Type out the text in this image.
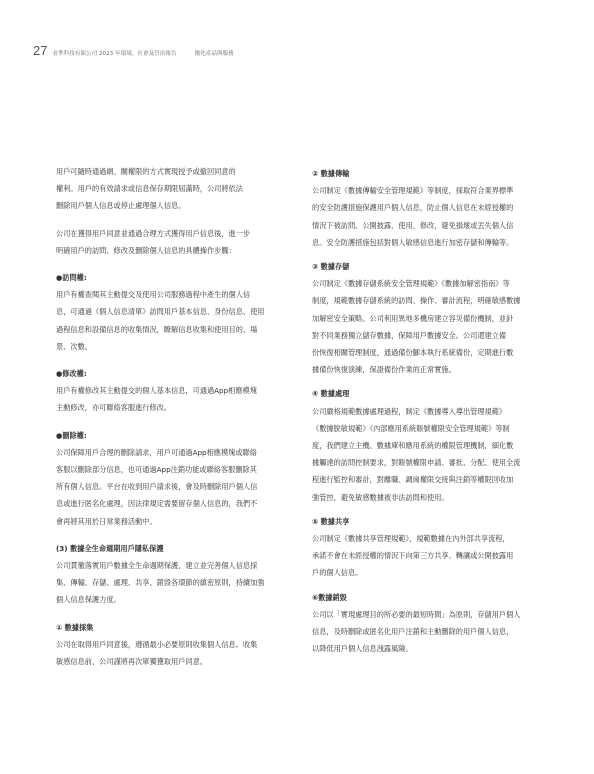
27 看準科技有限公司 2023 年環境、社會及管治報告	優化產品與服務
用戶可隨時通過網、關權限的方式實現授予或撤回同意的
權利。用戶的有效請求或信息保存期限屆滿時，公司將依法
刪除用戶個人信息或停止處理個人信息。
公司在獲得用戶同意並通過合理方式獲得用戶信息後，進一步
明確用戶的訪問、修改及刪除個人信息的具體操作步驟：

●訪問權:

用戶有權查閱其主動提交及使用公司服務過程中產生的個人信
息，可通過《個人信息清單》訪問用戶基本信息、身份信息、使用
過程信息和設備信息的收集情況，瞭解信息收集和使用目的、場
景、次數。

●修改權:

用戶有權修改其主動提交的個人基本信息，可通過App相應模塊
主動修改，亦可聯絡客服進行修改。

●刪除權:

公司保障用戶合理的刪除請求，用戶可通過App相應模塊或聯絡
客服以刪除部分信息，也可通過App注銷功能或聯絡客服刪除其
所有個人信息。平台在收到用戶請求後，會及時刪除用戶個人信
息或進行匿名化處理，因法律規定需要留存個人信息的，我們不
會再將其用於日常業務活動中。

(3) 數據全生命週期用戶隱私保護

公司貫徹落實用戶數據全生命週期保護，建立並完善個人信息採
集、傳輸、存儲、處理、共享、銷毀各環節的縝密原則，持續加強
個人信息保護力度。

① 數據採集

公司在取得用戶同意後，遵循最小必要原則收集個人信息。收集
敏感信息前，公司謹將再次單獨獲取用戶同意。

② 數據傳輸

公司制定《數據傳輸安全管理規範》等制度，採取符合業界標準
的安全防護措施保護用戶個人信息，防止個人信息在未經授權的
情況下被訪問、公開披露、使用、修改，避免損壞或丟失個人信
息。安全防護措施包括對個人敏感信息進行加密存儲和傳輸等。

③ 數據存儲

公司制定《數據存儲系統安全管理規範》《數據加解密指南》等
制度，規範數據存儲系統的訪問、操作、審計流程，明確敏感數據
加解密安全策略。公司利用異地多機房建立容災備份機制，並針
對不同業務獨立儲存數據，保障用戶數據安全。公司還建立備
份恢復相關管理制度，通過備份腳本執行系統備份，定期進行數
據備份恢復演練，保證備份作業的正常實施。

④ 數據處理

公司嚴格規範數據處理過程，制定《數據導入導出管理規範》
《數據脫敏規範》《內部應用系統賬號權限安全管理規範》等制
度，我們建立主機、數據庫和應用系統的權限管理機制，細化數
據觸達的訪問控制要求，對賬號權限申請、審批、分配、使用全流
程進行監控和審計，對離職、調崗權限交接與注銷等權限回收加
強管控，避免敏感數據被非法訪問和使用。

⑤ 數據共享

公司制定《數據共享管理規範》，規範數據在內外部共享流程，
承諾不會在未經授權的情況下向第三方共享、轉讓或公開披露用
戶的個人信息。

⑥數據銷毀

公司以「實現處理目的所必要的最短時間」為原則，存儲用戶個人
信息，及時刪除或匿名化用戶注銷和主動刪除的用戶個人信息，
以降低用戶個人信息洩露風險。
